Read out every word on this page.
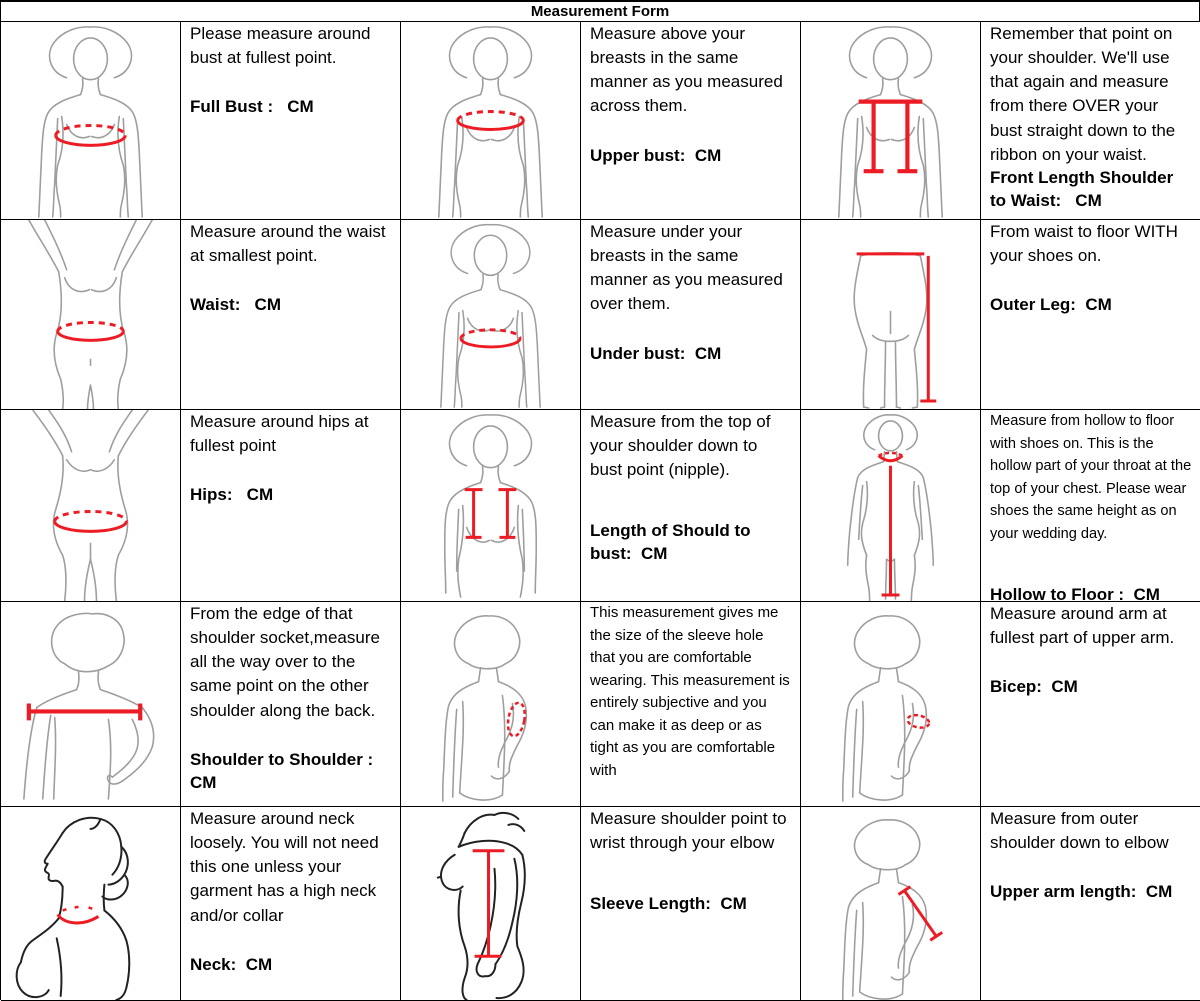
Measurement Form

Please measure around bust at fullest point.

Full Bust :   CM

Measure above your breasts in the same manner as you measured across them.

Upper bust:  CM

Remember that point on your shoulder. We'll use that again and measure from there OVER your bust straight down to the ribbon on your waist.

Front Length Shoulder to Waist:   CM

Measure around the waist at smallest point.

Waist:   CM

Measure under your breasts in the same manner as you measured over them.

Under bust:  CM

From waist to floor WITH your shoes on.

Outer Leg:  CM

Measure around hips at fullest point

Hips:   CM

Measure from the top of your shoulder down to bust point (nipple).

Length of Should to bust:  CM

Measure from hollow to floor with shoes on. This is the hollow part of your throat at the top of your chest. Please wear shoes the same height as on your wedding day.

Hollow to Floor :  CM

From the edge of that shoulder socket,measure all the way over to the same point on the other shoulder along the back.

Shoulder to Shoulder : CM

This measurement gives me the size of the sleeve hole that you are comfortable wearing. This measurement is entirely subjective and you can make it as deep or as tight as you are comfortable with

Measure around arm at fullest part of upper arm.

Bicep:  CM

Measure around neck loosely. You will not need this one unless your garment has a high neck and/or collar

Neck:  CM

Measure shoulder point to wrist through your elbow

Sleeve Length:  CM

Measure from outer shoulder down to elbow

Upper arm length:  CM
